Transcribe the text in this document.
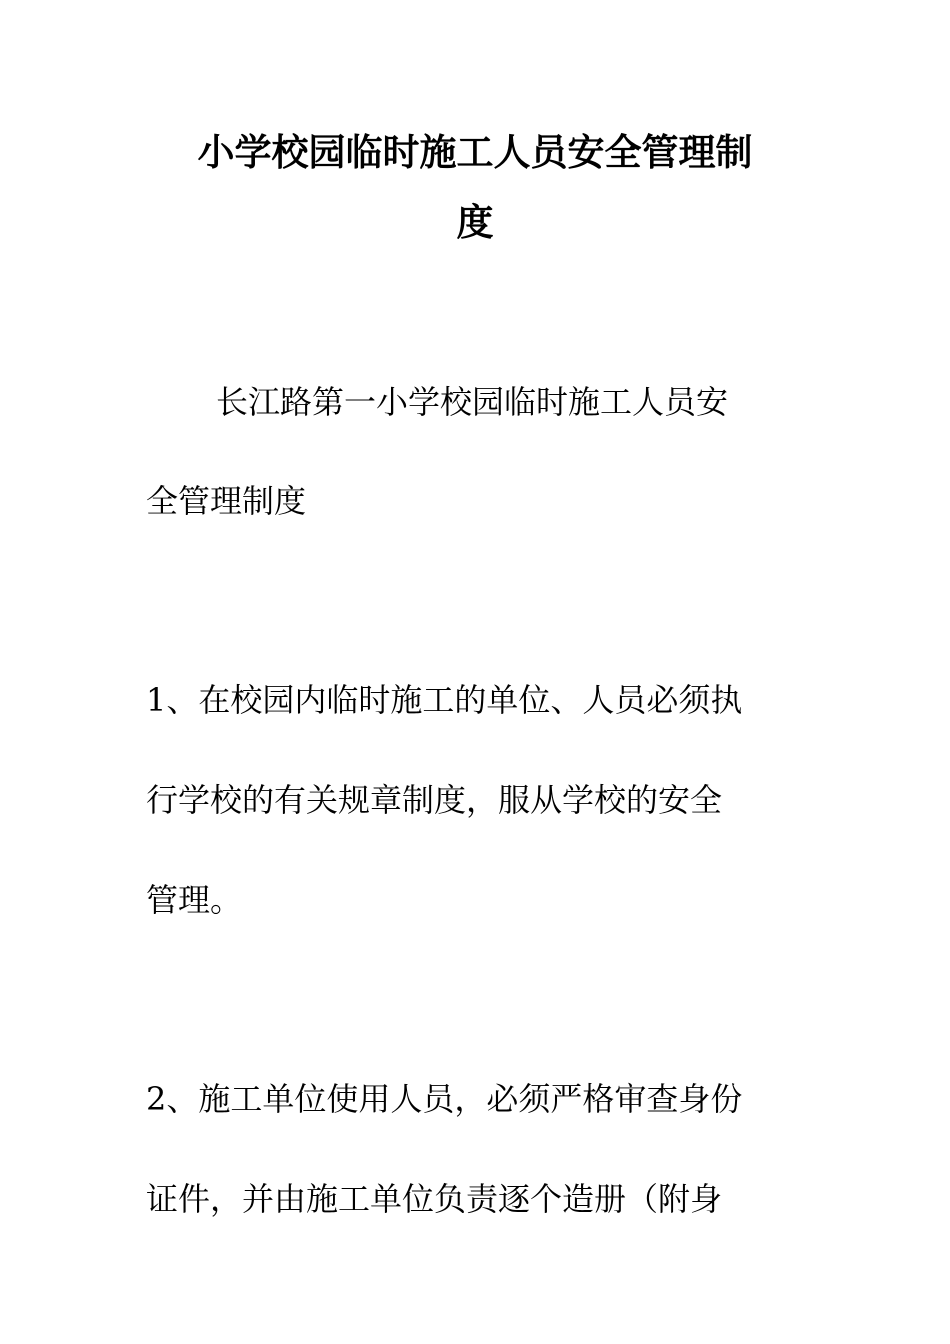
小学校园临时施工人员安全管理制
度
长江路第一小学校园临时施工人员安
全管理制度
1、在校园内临时施工的单位、人员必须执
行学校的有关规章制度，服从学校的安全
管理。
2、施工单位使用人员，必须严格审查身份
证件，并由施工单位负责逐个造册（附身
